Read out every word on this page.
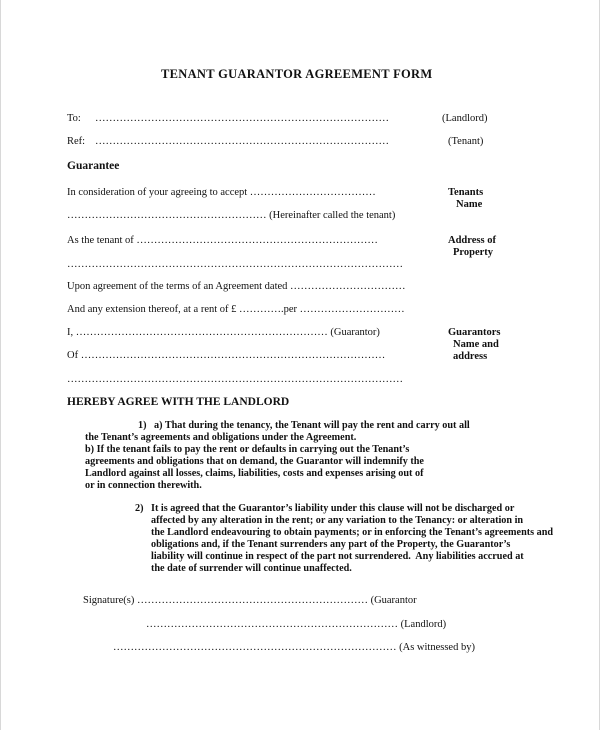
TENANT GUARANTOR AGREEMENT FORM
To: …………………………………………………………………………	(Landlord)
Ref: …………………………………………………………………………	(Tenant)
Guarantee
In consideration of your agreeing to accept ………………………………	Tenants
Name
………………………………………………… (Hereinafter called the tenant)
As the tenant of ……………………………………………………………	Address of
Property
……………………………………………………………………………………
Upon agreement of the terms of an Agreement dated ……………………………
And any extension thereof, at a rent of £ ………….per …………………………
I, ……………………………………………………………… (Guarantor)	Guarantors
Name and
address
Of ……………………………………………………………………………
……………………………………………………………………………………
HEREBY AGREE WITH THE LANDLORD
1) a) That during the tenancy, the Tenant will pay the rent and carry out all
the Tenant’s agreements and obligations under the Agreement.
b) If the tenant fails to pay the rent or defaults in carrying out the Tenant’s
agreements and obligations that on demand, the Guarantor will indemnify the
Landlord against all losses, claims, liabilities, costs and expenses arising out of
or in connection therewith.
2) It is agreed that the Guarantor’s liability under this clause will not be discharged or
affected by any alteration in the rent; or any variation to the Tenancy: or alteration in
the Landlord endeavouring to obtain payments; or in enforcing the Tenant’s agreements and
obligations and, if the Tenant surrenders any part of the Property, the Guarantor’s
liability will continue in respect of the part not surrendered.  Any liabilities accrued at
the date of surrender will continue unaffected.
Signature(s) ………………………………………………………… (Guarantor
……………………………………………………………… (Landlord)
……………………………………………………………………… (As witnessed by)
